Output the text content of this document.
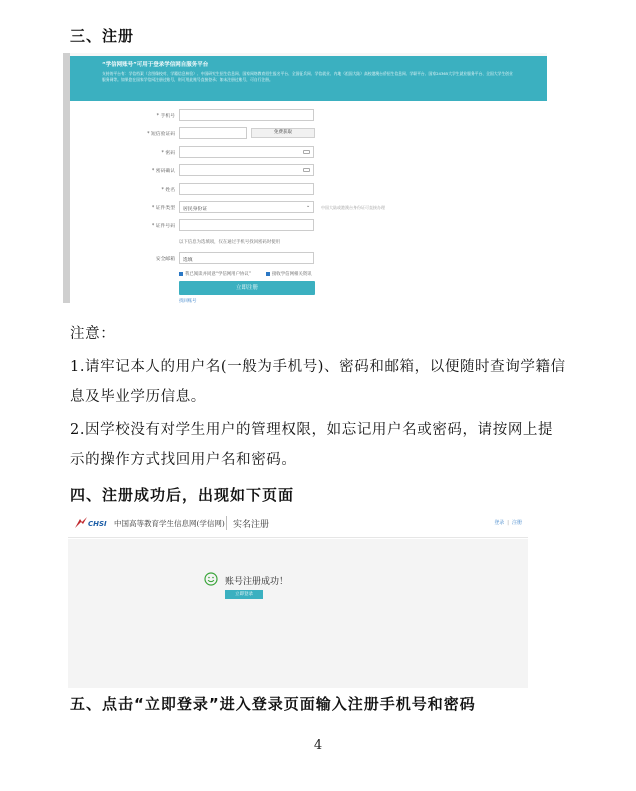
三、注册
“学信网账号”可用于登录学信网自服务平台
支持的平台有：学信档案（含图像校对、学籍信息核验）、中国研究生招生信息网、国家网络教育招生报名平台、全国征兵网、学信就业、内地（祖国大陆）高校港澳台侨招生信息网、学职平台、国家24365大学生就业服务平台、全国大学生创业服务网等。如果您在国家学信网注册过账号，则可用此账号直接登录；如未注册过账号，可自行注册。
* 手机号
* 短信验证码	免费获取
* 密码
* 密码确认
* 姓名
* 证件类型	居民身份证
⌄	中国大陆或港澳台身份证可直接办理
* 证件号码
以下信息为选填项，仅在通过手机号找回密码时使用
安全邮箱	选填
我已阅读并同意“学信网用户协议”	接收学信网相关资讯
立即注册
找回账号
注意：
1.请牢记本人的用户名(一般为手机号)、密码和邮箱，以便随时查询学籍信息及毕业学历信息。
2.因学校没有对学生用户的管理权限，如忘记用户名或密码，请按网上提示的操作方式找回用户名和密码。
四、注册成功后，出现如下页面
CHSI 中国高等教育学生信息网(学信网) 实名注册	登录 | 注册
账号注册成功！
立即登录
五、点击“立即登录”进入登录页面输入注册手机号和密码
4
